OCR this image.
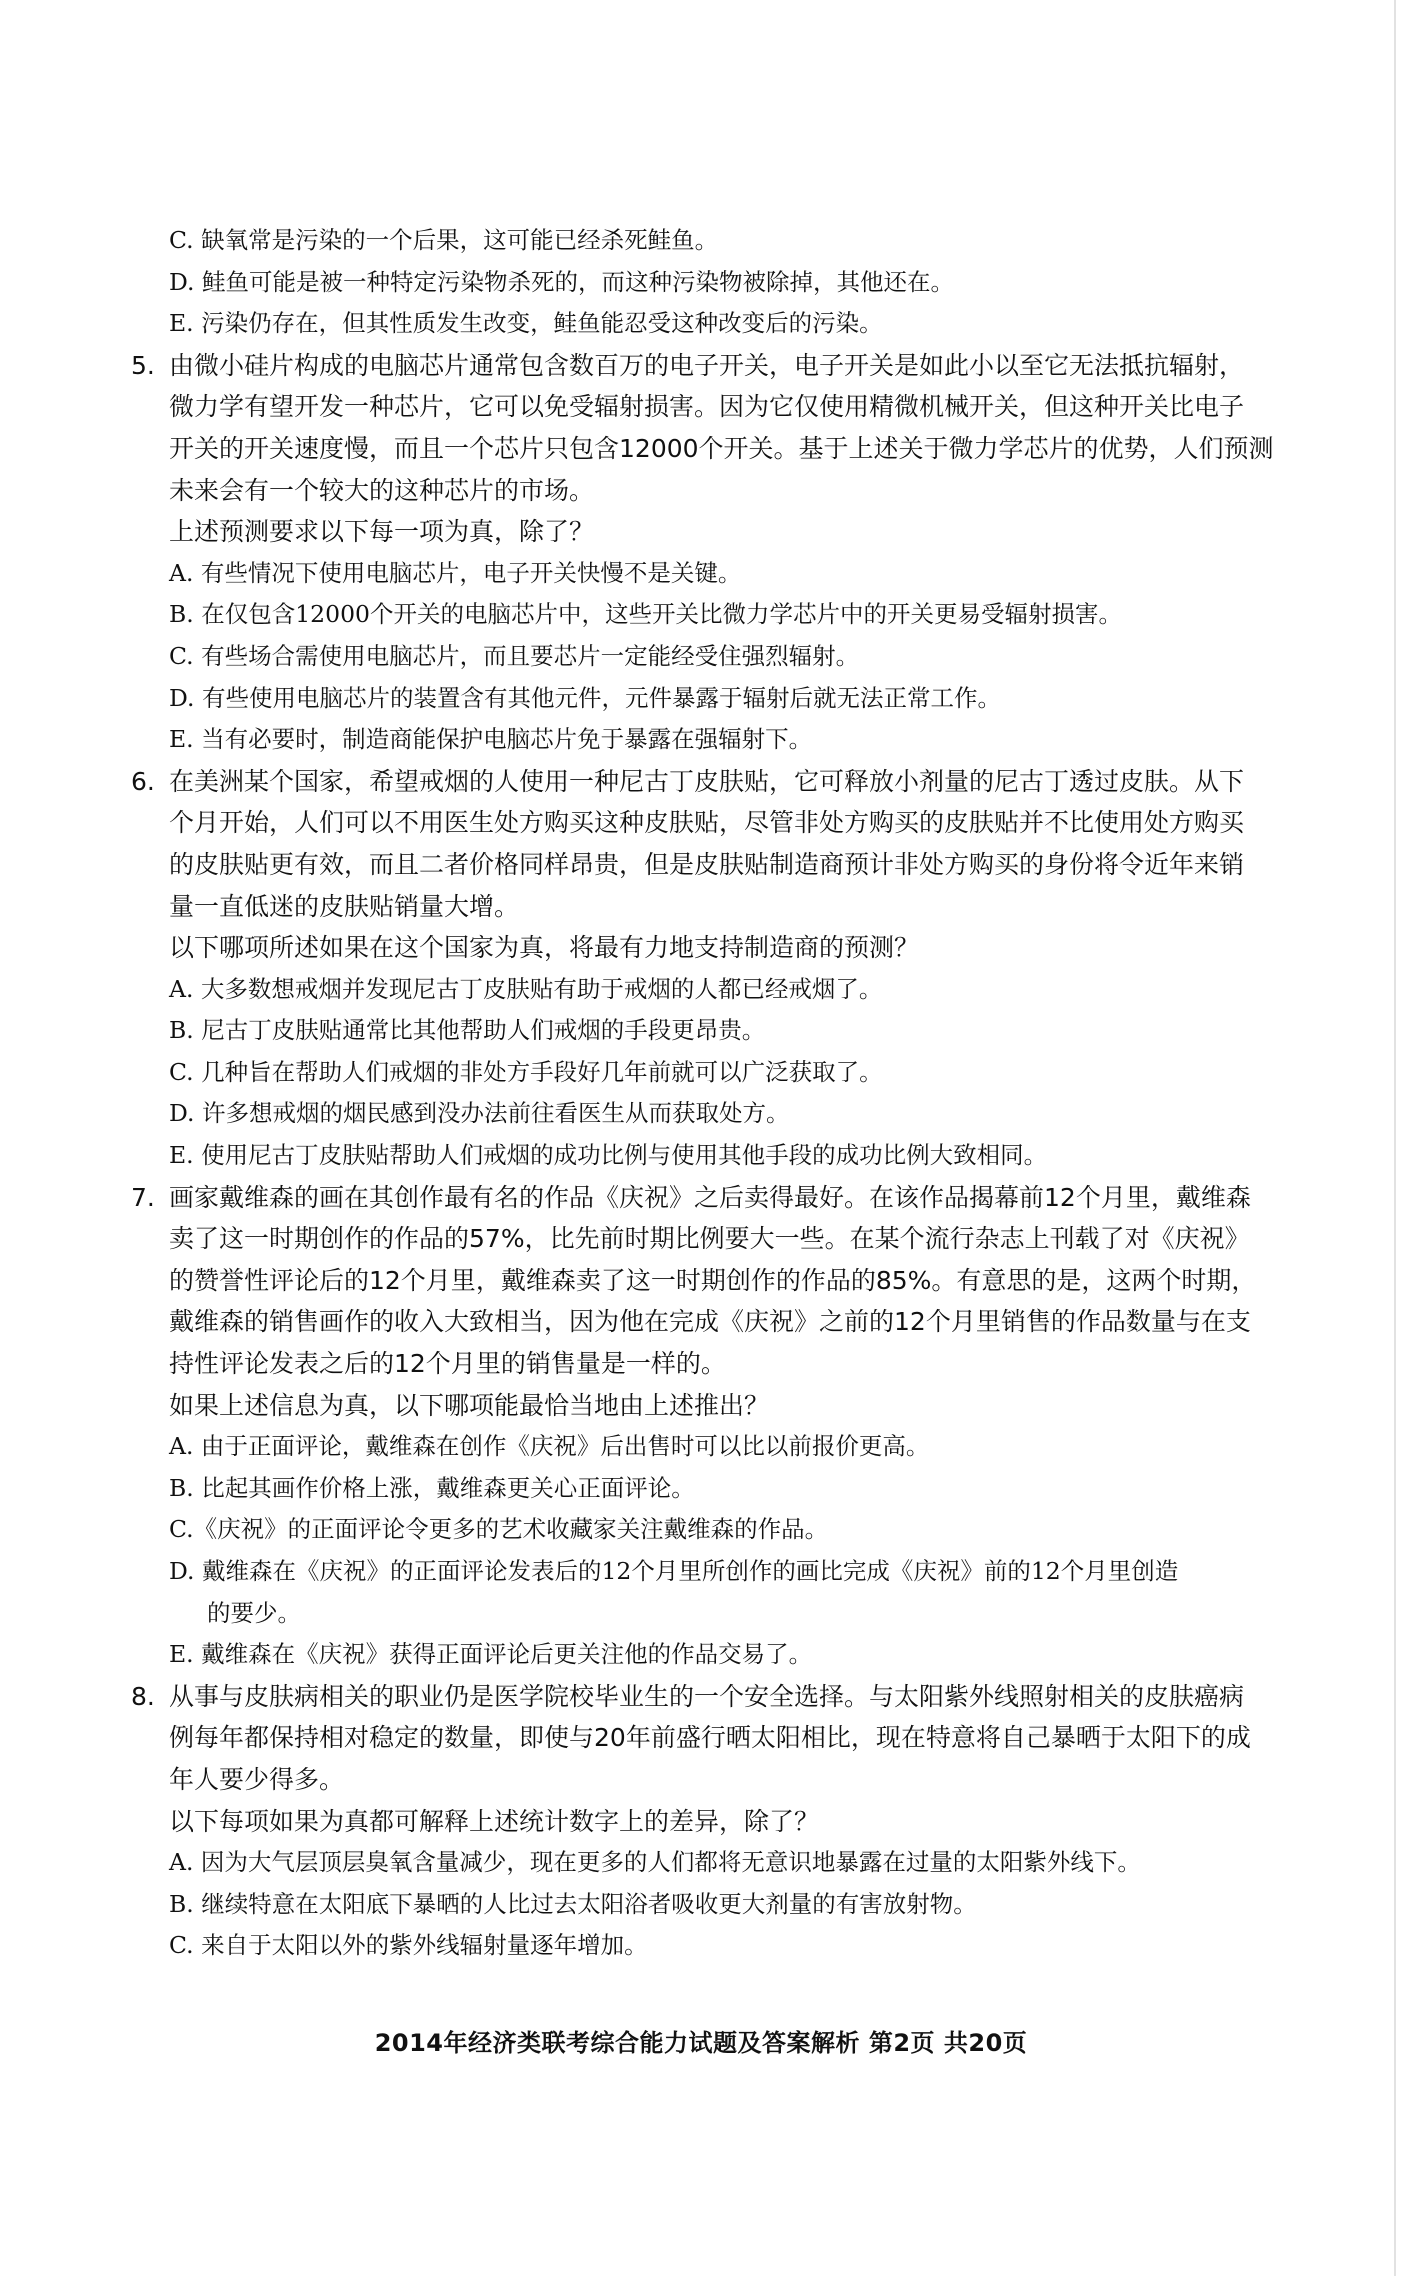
C. 缺氧常是污染的一个后果，这可能已经杀死鲑鱼。
D. 鲑鱼可能是被一种特定污染物杀死的，而这种污染物被除掉，其他还在。
E. 污染仍存在，但其性质发生改变，鲑鱼能忍受这种改变后的污染。
5. 由微小硅片构成的电脑芯片通常包含数百万的电子开关，电子开关是如此小以至它无法抵抗辐射，
微力学有望开发一种芯片，它可以免受辐射损害。因为它仅使用精微机械开关，但这种开关比电子
开关的开关速度慢，而且一个芯片只包含12000个开关。基于上述关于微力学芯片的优势，人们预测
未来会有一个较大的这种芯片的市场。
上述预测要求以下每一项为真，除了？
A. 有些情况下使用电脑芯片，电子开关快慢不是关键。
B. 在仅包含12000个开关的电脑芯片中，这些开关比微力学芯片中的开关更易受辐射损害。
C. 有些场合需使用电脑芯片，而且要芯片一定能经受住强烈辐射。
D. 有些使用电脑芯片的装置含有其他元件，元件暴露于辐射后就无法正常工作。
E. 当有必要时，制造商能保护电脑芯片免于暴露在强辐射下。
6. 在美洲某个国家，希望戒烟的人使用一种尼古丁皮肤贴，它可释放小剂量的尼古丁透过皮肤。从下
个月开始，人们可以不用医生处方购买这种皮肤贴，尽管非处方购买的皮肤贴并不比使用处方购买
的皮肤贴更有效，而且二者价格同样昂贵，但是皮肤贴制造商预计非处方购买的身份将令近年来销
量一直低迷的皮肤贴销量大增。
以下哪项所述如果在这个国家为真，将最有力地支持制造商的预测？
A. 大多数想戒烟并发现尼古丁皮肤贴有助于戒烟的人都已经戒烟了。
B. 尼古丁皮肤贴通常比其他帮助人们戒烟的手段更昂贵。
C. 几种旨在帮助人们戒烟的非处方手段好几年前就可以广泛获取了。
D. 许多想戒烟的烟民感到没办法前往看医生从而获取处方。
E. 使用尼古丁皮肤贴帮助人们戒烟的成功比例与使用其他手段的成功比例大致相同。
7. 画家戴维森的画在其创作最有名的作品《庆祝》之后卖得最好。在该作品揭幕前12个月里，戴维森
卖了这一时期创作的作品的57%，比先前时期比例要大一些。在某个流行杂志上刊载了对《庆祝》
的赞誉性评论后的12个月里，戴维森卖了这一时期创作的作品的85%。有意思的是，这两个时期，
戴维森的销售画作的收入大致相当，因为他在完成《庆祝》之前的12个月里销售的作品数量与在支
持性评论发表之后的12个月里的销售量是一样的。
如果上述信息为真，以下哪项能最恰当地由上述推出？
A. 由于正面评论，戴维森在创作《庆祝》后出售时可以比以前报价更高。
B. 比起其画作价格上涨，戴维森更关心正面评论。
C.《庆祝》的正面评论令更多的艺术收藏家关注戴维森的作品。
D. 戴维森在《庆祝》的正面评论发表后的12个月里所创作的画比完成《庆祝》前的12个月里创造
的要少。
E. 戴维森在《庆祝》获得正面评论后更关注他的作品交易了。
8. 从事与皮肤病相关的职业仍是医学院校毕业生的一个安全选择。与太阳紫外线照射相关的皮肤癌病
例每年都保持相对稳定的数量，即使与20年前盛行晒太阳相比，现在特意将自己暴晒于太阳下的成
年人要少得多。
以下每项如果为真都可解释上述统计数字上的差异，除了？
A. 因为大气层顶层臭氧含量减少，现在更多的人们都将无意识地暴露在过量的太阳紫外线下。
B. 继续特意在太阳底下暴晒的人比过去太阳浴者吸收更大剂量的有害放射物。
C. 来自于太阳以外的紫外线辐射量逐年增加。
2014年经济类联考综合能力试题及答案解析 第2页 共20页
